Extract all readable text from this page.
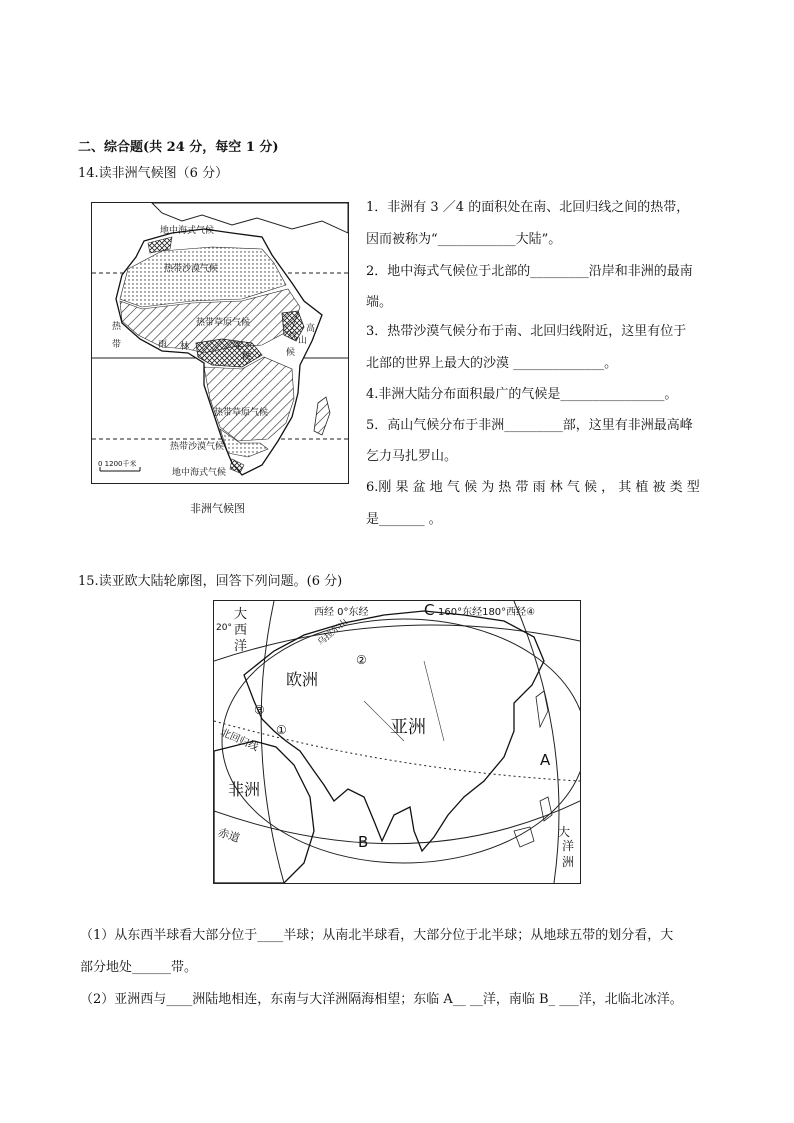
二、综合题(共 24 分，每空 1 分)
14.读非洲气候图（6 分）
地中海式气候
热带沙漠气候
热带草原气候
热
带	雨 林	气
候
高
山
气
候
热带草原气候
热带沙漠气候
地中海式气候
0 1200千米
非洲气候图
1．非洲有 3 ／4 的面积处在南、北回归线之间的热带，
因而被称为“____________大陆”。
2．地中海式气候位于北部的_________沿岸和非洲的最南
端。
3．热带沙漠气候分布于南、北回归线附近，这里有位于
北部的世界上最大的沙漠 ______________。
4.非洲大陆分布面积最广的气候是________________。
5．高山气候分布于非洲_________部，这里有非洲最高峰
乞力马扎罗山。
6.刚 果 盆 地 气 候 为 热 带 雨 林 气 候 ， 其 植 被 类 型
是_______ 。
15.读亚欧大陆轮廓图，回答下列问题。(6 分)
大
西
洋
20°
西经 0°东经	C 160°东经180°西经④
乌拉尔山
②
欧洲
③
①
北回归线	亚洲
非洲
A
赤道	B
大
洋
洲
（1）从东西半球看大部分位于____半球；从南北半球看，大部分位于北半球；从地球五带的划分看，大
部分地处______带。
（2）亚洲西与____洲陆地相连，东南与大洋洲隔海相望；东临 A__ __洋，南临 B_ ___洋，北临北冰洋。
